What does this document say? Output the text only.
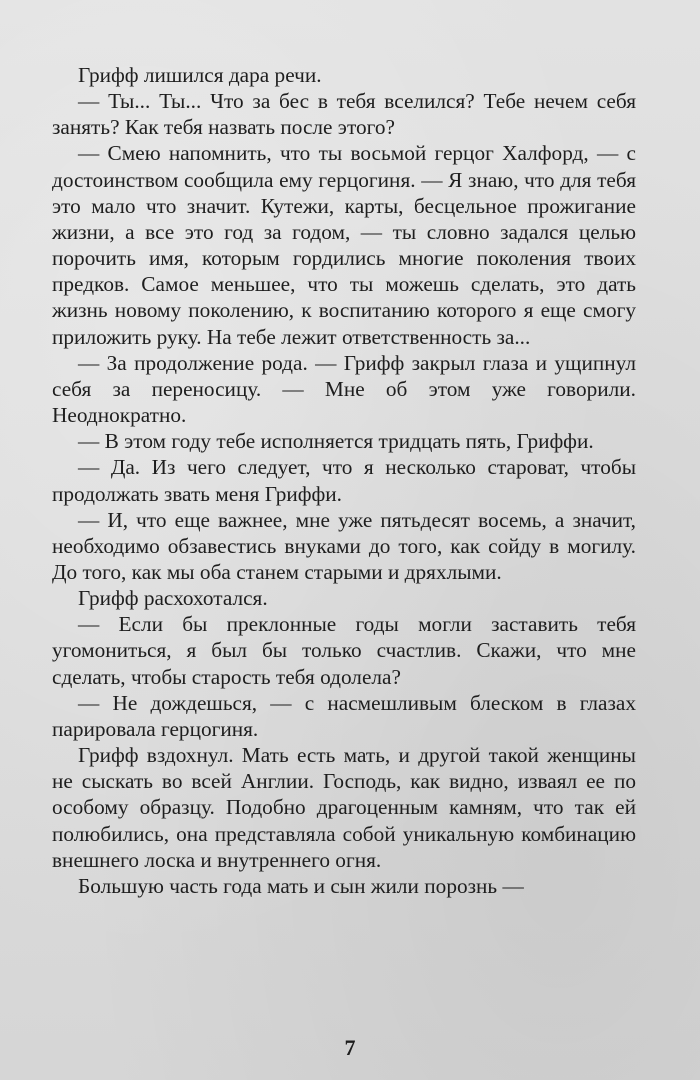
Грифф лишился дара речи.

— Ты... Ты... Что за бес в тебя вселился? Тебе нечем себя занять? Как тебя назвать после этого?

— Смею напомнить, что ты восьмой герцог Халфорд, — с достоинством сообщила ему герцогиня. — Я знаю, что для тебя это мало что значит. Кутежи, карты, бесцельное прожигание жизни, а все это год за годом, — ты словно задался целью порочить имя, которым гордились многие поколения твоих предков. Самое меньшее, что ты можешь сделать, это дать жизнь новому поколению, к воспитанию которого я еще смогу приложить руку. На тебе лежит ответственность за...

— За продолжение рода. — Грифф закрыл глаза и ущипнул себя за переносицу. — Мне об этом уже говорили. Неоднократно.

— В этом году тебе исполняется тридцать пять, Гриффи.

— Да. Из чего следует, что я несколько староват, чтобы продолжать звать меня Гриффи.

— И, что еще важнее, мне уже пятьдесят восемь, а значит, необходимо обзавестись внуками до того, как сойду в могилу. До того, как мы оба станем старыми и дряхлыми.

Грифф расхохотался.

— Если бы преклонные годы могли заставить тебя угомониться, я был бы только счастлив. Скажи, что мне сделать, чтобы старость тебя одолела?

— Не дождешься, — с насмешливым блеском в глазах парировала герцогиня.

Грифф вздохнул. Мать есть мать, и другой такой женщины не сыскать во всей Англии. Господь, как видно, изваял ее по особому образцу. Подобно драгоценным камням, что так ей полюбились, она представляла собой уникальную комбинацию внешнего лоска и внутреннего огня.

Большую часть года мать и сын жили порознь —

7
